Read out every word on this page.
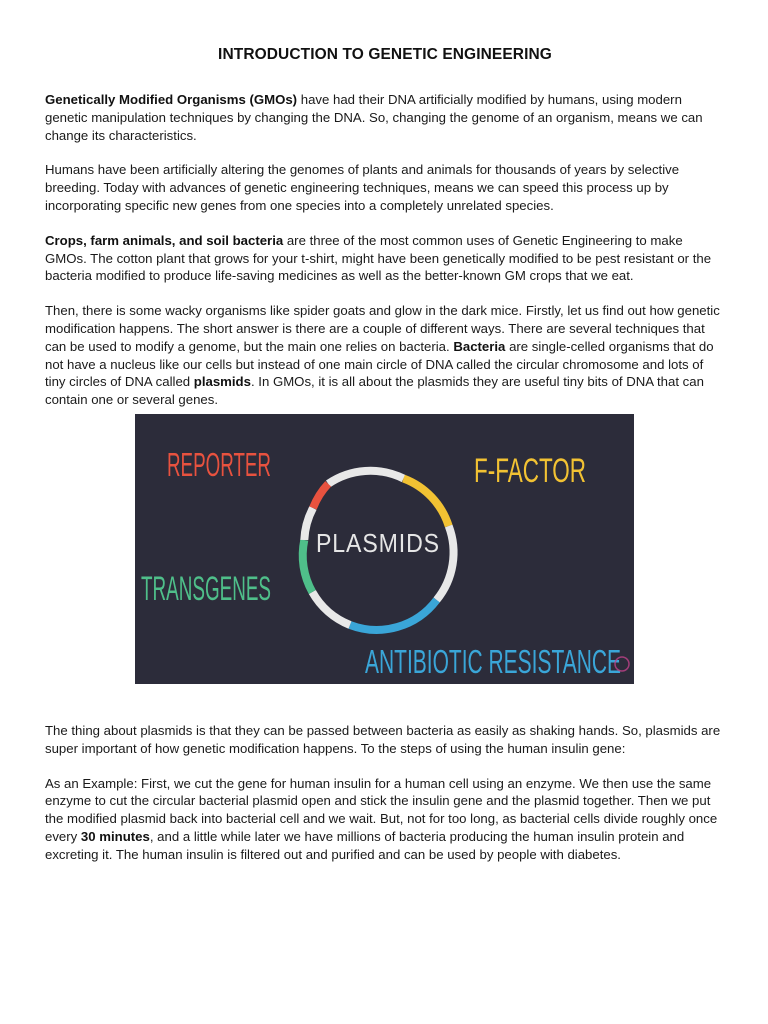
INTRODUCTION TO GENETIC ENGINEERING

Genetically Modified Organisms (GMOs) have had their DNA artificially modified by humans, using modern genetic manipulation techniques by changing the DNA. So, changing the genome of an organism, means we can change its characteristics.

Humans have been artificially altering the genomes of plants and animals for thousands of years by selective breeding. Today with advances of genetic engineering techniques, means we can speed this process up by incorporating specific new genes from one species into a completely unrelated species.

Crops, farm animals, and soil bacteria are three of the most common uses of Genetic Engineering to make GMOs. The cotton plant that grows for your t-shirt, might have been genetically modified to be pest resistant or the bacteria modified to produce life-saving medicines as well as the better-known GM crops that we eat.

Then, there is some wacky organisms like spider goats and glow in the dark mice. Firstly, let us find out how genetic modification happens. The short answer is there are a couple of different ways. There are several techniques that can be used to modify a genome, but the main one relies on bacteria. Bacteria are single-celled organisms that do not have a nucleus like our cells but instead of one main circle of DNA called the circular chromosome and lots of tiny circles of DNA called plasmids. In GMOs, it is all about the plasmids they are useful tiny bits of DNA that can contain one or several genes.

PLASMIDS
REPORTER	F-FACTOR
TRANSGENES
ANTIBIOTIC RESISTANCE

The thing about plasmids is that they can be passed between bacteria as easily as shaking hands. So, plasmids are super important of how genetic modification happens. To the steps of using the human insulin gene:

As an Example: First, we cut the gene for human insulin for a human cell using an enzyme. We then use the same enzyme to cut the circular bacterial plasmid open and stick the insulin gene and the plasmid together. Then we put the modified plasmid back into bacterial cell and we wait. But, not for too long, as bacterial cells divide roughly once every 30 minutes, and a little while later we have millions of bacteria producing the human insulin protein and excreting it. The human insulin is filtered out and purified and can be used by people with diabetes.
